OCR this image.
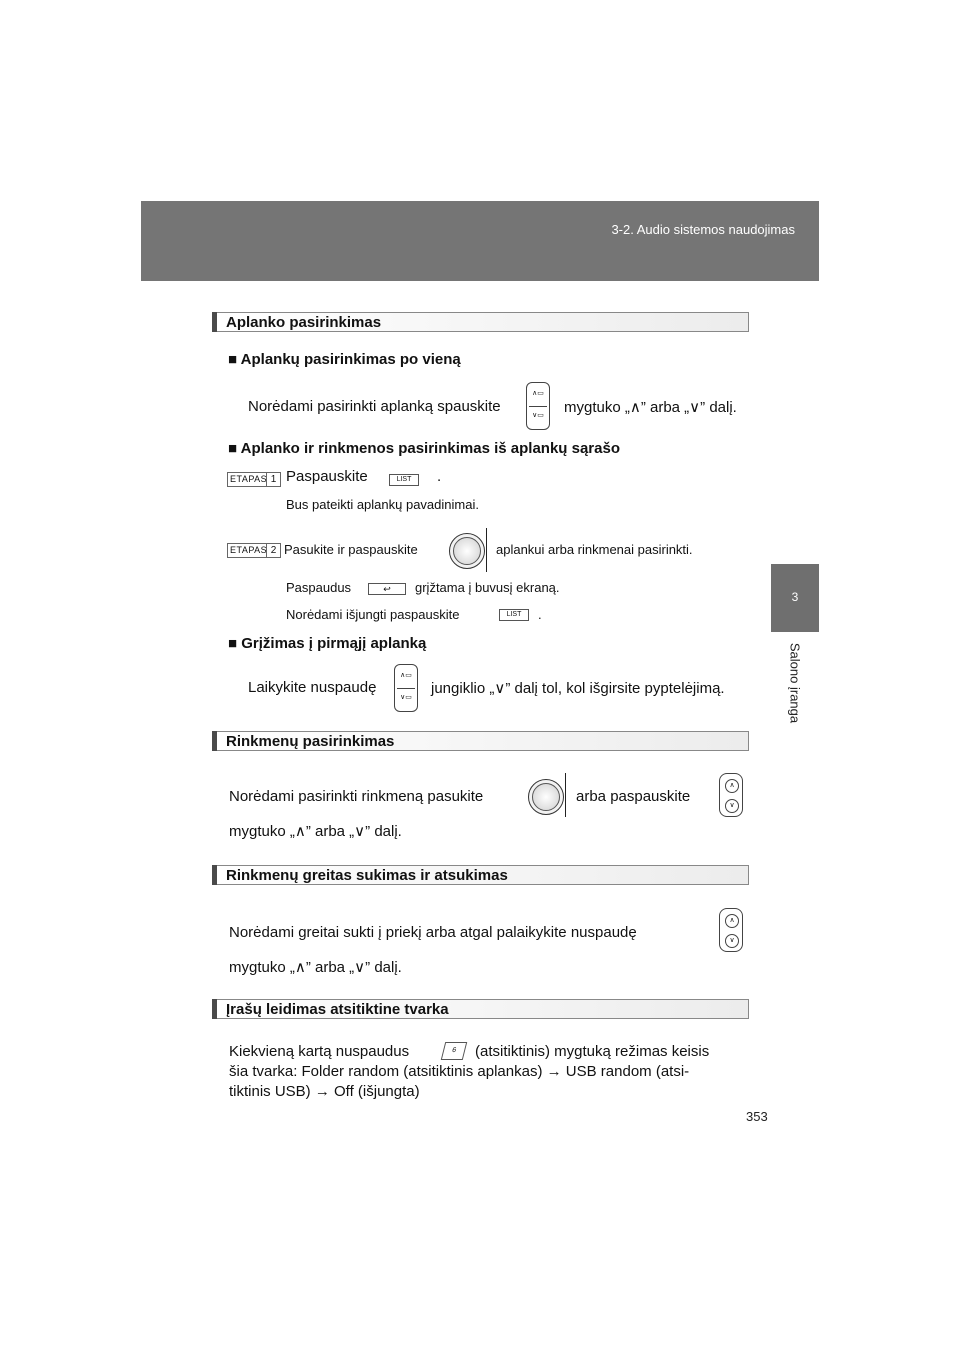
3-2. Audio sistemos naudojimas
3
Salono įranga
Aplanko pasirinkimas
■ Aplankų pasirinkimas po vieną
Norėdami pasirinkti aplanką spauskite
∧▭
∨▭	mygtuko „∧” arba „∨” dalį.
■ Aplanko ir rinkmenos pasirinkimas iš aplankų sąrašo
ETAPAS 1 Paspauskite	LIST	.
Bus pateikti aplankų pavadinimai.
ETAPAS 2 Pasukite ir paspauskite	aplankui arba rinkmenai pasirinkti.
Paspaudus	↩	grįžtama į buvusį ekraną.
Norėdami išjungti paspauskite	LIST	.
■ Grįžimas į pirmąjį aplanką
Laikykite nuspaudę
∧▭
∨▭
jungiklio „∨” dalį tol, kol išgirsite pyptelėjimą.
Rinkmenų pasirinkimas
Norėdami pasirinkti rinkmeną pasukite	arba paspauskite
∧
∨
mygtuko „∧” arba „∨” dalį.
Rinkmenų greitas sukimas ir atsukimas
Norėdami greitai sukti į priekį arba atgal palaikykite nuspaudę
∧
∨
mygtuko „∧” arba „∨” dalį.
Įrašų leidimas atsitiktine tvarka
Kiekvieną kartą nuspaudus	6	(atsitiktinis) mygtuką režimas keisis
šia tvarka: Folder random (atsitiktinis aplankas) → USB random (atsi-
tiktinis USB) → Off (išjungta)
353
